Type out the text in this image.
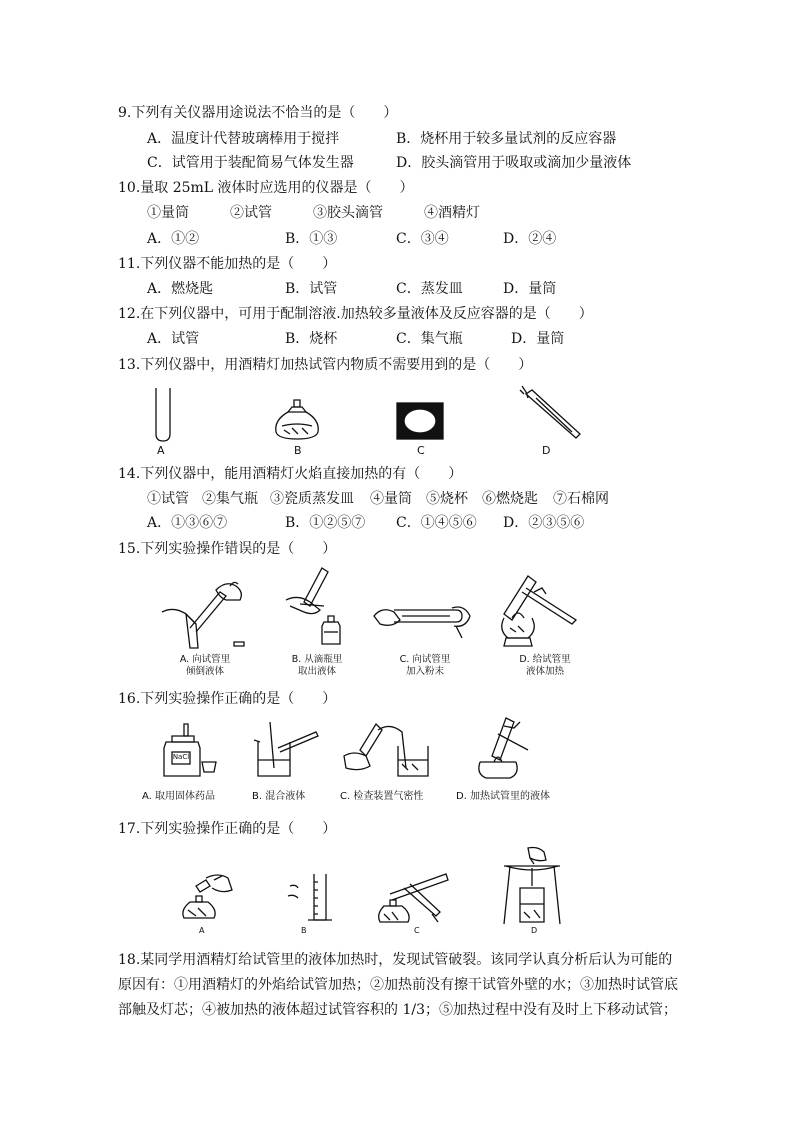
9.下列有关仪器用途说法不恰当的是（　　）
A．温度计代替玻璃棒用于搅拌	B．烧杯用于较多量试剂的反应容器
C．试管用于装配简易气体发生器	D．胶头滴管用于吸取或滴加少量液体
10.量取 25mL 液体时应选用的仪器是（　　）
①量筒	②试管	③胶头滴管	④酒精灯
A．①②	B．①③	C．③④	D．②④
11.下列仪器不能加热的是（　　）
A．燃烧匙	B．试管	C．蒸发皿	D．量筒
12.在下列仪器中，可用于配制溶液.加热较多量液体及反应容器的是（　　）
A．试管	B．烧杯	C．集气瓶	D．量筒
13.下列仪器中，用酒精灯加热试管内物质不需要用到的是（　　）
A	B	C	D
14.下列仪器中，能用酒精灯火焰直接加热的有（　　）
①试管 ②集气瓶 ③瓷质蒸发皿 ④量筒 ⑤烧杯 ⑥燃烧匙 ⑦石棉网
A．①③⑥⑦	B．①②⑤⑦ C．①④⑤⑥ D．②③⑤⑥
15.下列实验操作错误的是（　　）
A. 向试管里
倾倒液体
B. 从滴瓶里
取出液体
C. 向试管里
加入粉末
D. 给试管里
液体加热
16.下列实验操作正确的是（　　）
NaCl
A. 取用固体药品	B. 混合液体	C. 检查装置气密性	D. 加热试管里的液体
17.下列实验操作正确的是（　　）
A	B	C	D
18.某同学用酒精灯给试管里的液体加热时，发现试管破裂。该同学认真分析后认为可能的
原因有：①用酒精灯的外焰给试管加热；②加热前没有擦干试管外壁的水；③加热时试管底
部触及灯芯；④被加热的液体超过试管容积的 1/3；⑤加热过程中没有及时上下移动试管；
